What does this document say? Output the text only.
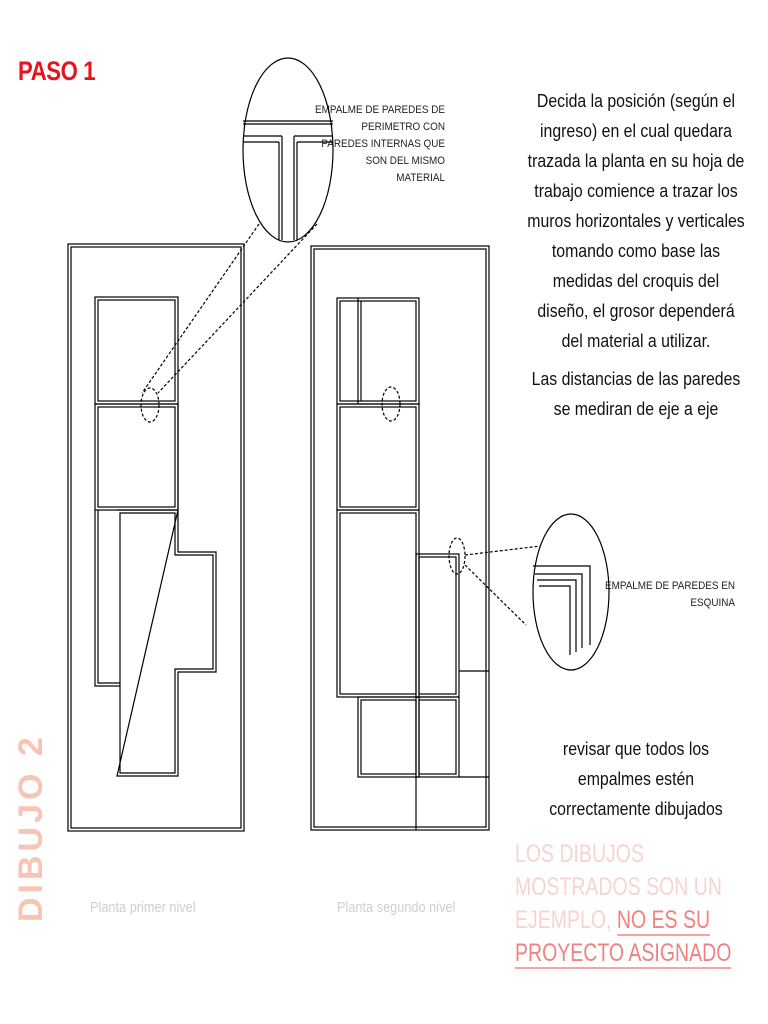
PASO 1
DIBUJO 2

Decida la posición (según el ingreso) en el cual quedara trazada la planta en su hoja de trabajo comience a trazar los muros horizontales y verticales tomando como base las medidas del croquis del diseño, el grosor dependerá del material a utilizar.

Las distancias de las paredes se mediran de eje a eje

revisar que todos los empalmes estén correctamente dibujados
Planta primer nivel	Planta segundo nivel
LOS DIBUJOS MOSTRADOS SON UN EJEMPLO, NO ES SU PROYECTO ASIGNADO
EMPALME DE PAREDES DE PERIMETRO CON PAREDES INTERNAS QUE SON DEL MISMO MATERIAL
EMPALME DE PAREDES EN ESQUINA
